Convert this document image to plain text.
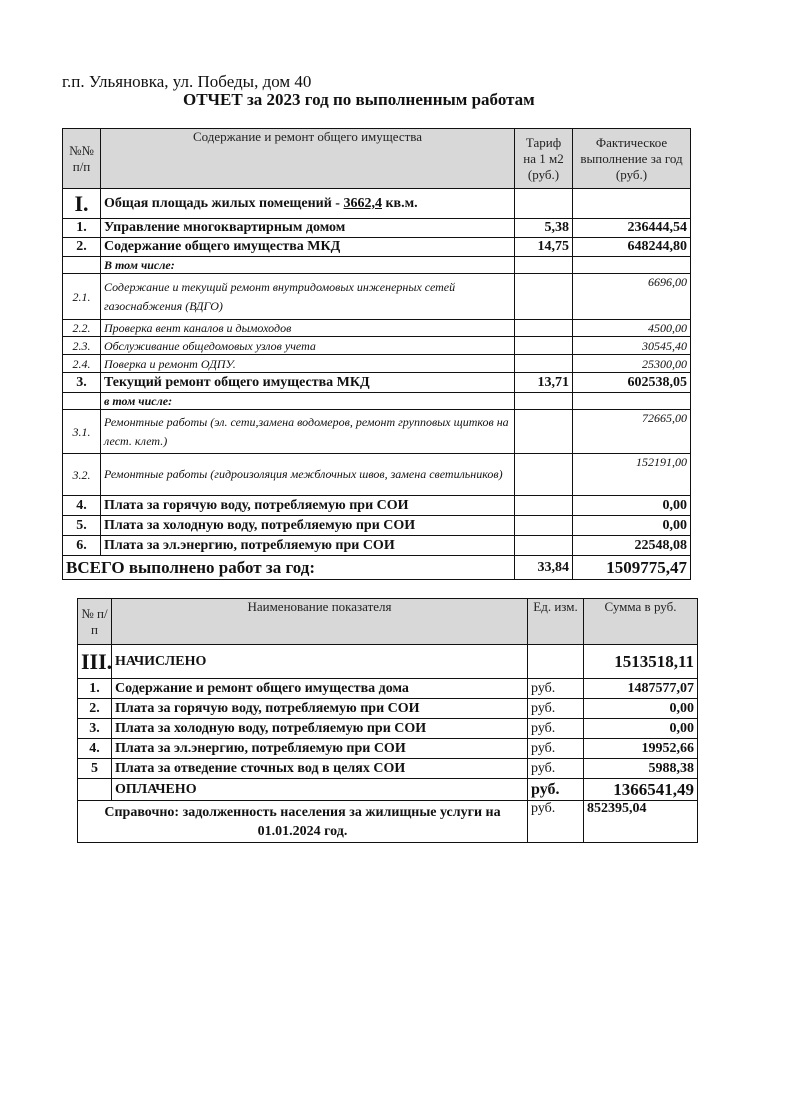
г.п. Ульяновка, ул. Победы, дом 40
ОТЧЕТ за 2023 год по выполненным работам
№№ п/п	Содержание и ремонт общего имущества	Тариф на 1 м2 (руб.)	Фактическое выполнение за год (руб.)
I.	Общая площадь жилых помещений - 3662,4 кв.м.		
1.	Управление многоквартирным домом	5,38	236444,54
2.	Содержание общего имущества МКД	14,75	648244,80
	В том числе:		
2.1.	Содержание и текущий ремонт внутридомовых инженерных сетей газоснабжения (ВДГО)		6696,00
2.2.	Проверка вент каналов и дымоходов		4500,00
2.3.	Обслуживание общедомовых узлов учета		30545,40
2.4.	Поверка и ремонт ОДПУ.		25300,00
3.	Текущий ремонт общего имущества МКД	13,71	602538,05
	в том числе:		
3.1.	Ремонтные работы (эл. сети,замена водомеров, ремонт групповых щитков на лест. клет.)		72665,00
3.2.	Ремонтные работы (гидроизоляция межблочных швов, замена светильников)		152191,00
4.	Плата за горячую воду, потребляемую при СОИ		0,00
5.	Плата за холодную воду, потребляемую при СОИ		0,00
6.	Плата за эл.энергию, потребляемую при СОИ		22548,08
ВСЕГО выполнено работ за год:		33,84	1509775,47
№ п/п	Наименование показателя	Ед. изм.	Сумма в руб.
III.	НАЧИСЛЕНО		1513518,11
1.	Содержание и ремонт общего имущества дома	руб.	1487577,07
2.	Плата за горячую воду, потребляемую при СОИ	руб.	0,00
3.	Плата за холодную воду, потребляемую при СОИ	руб.	0,00
4.	Плата за эл.энергию, потребляемую при СОИ	руб.	19952,66
5	Плата за отведение сточных вод в целях СОИ	руб.	5988,38
	ОПЛАЧЕНО	руб.	1366541,49
Справочно: задолженность населения за жилищные услуги на 01.01.2024 год.		руб.	852395,04
